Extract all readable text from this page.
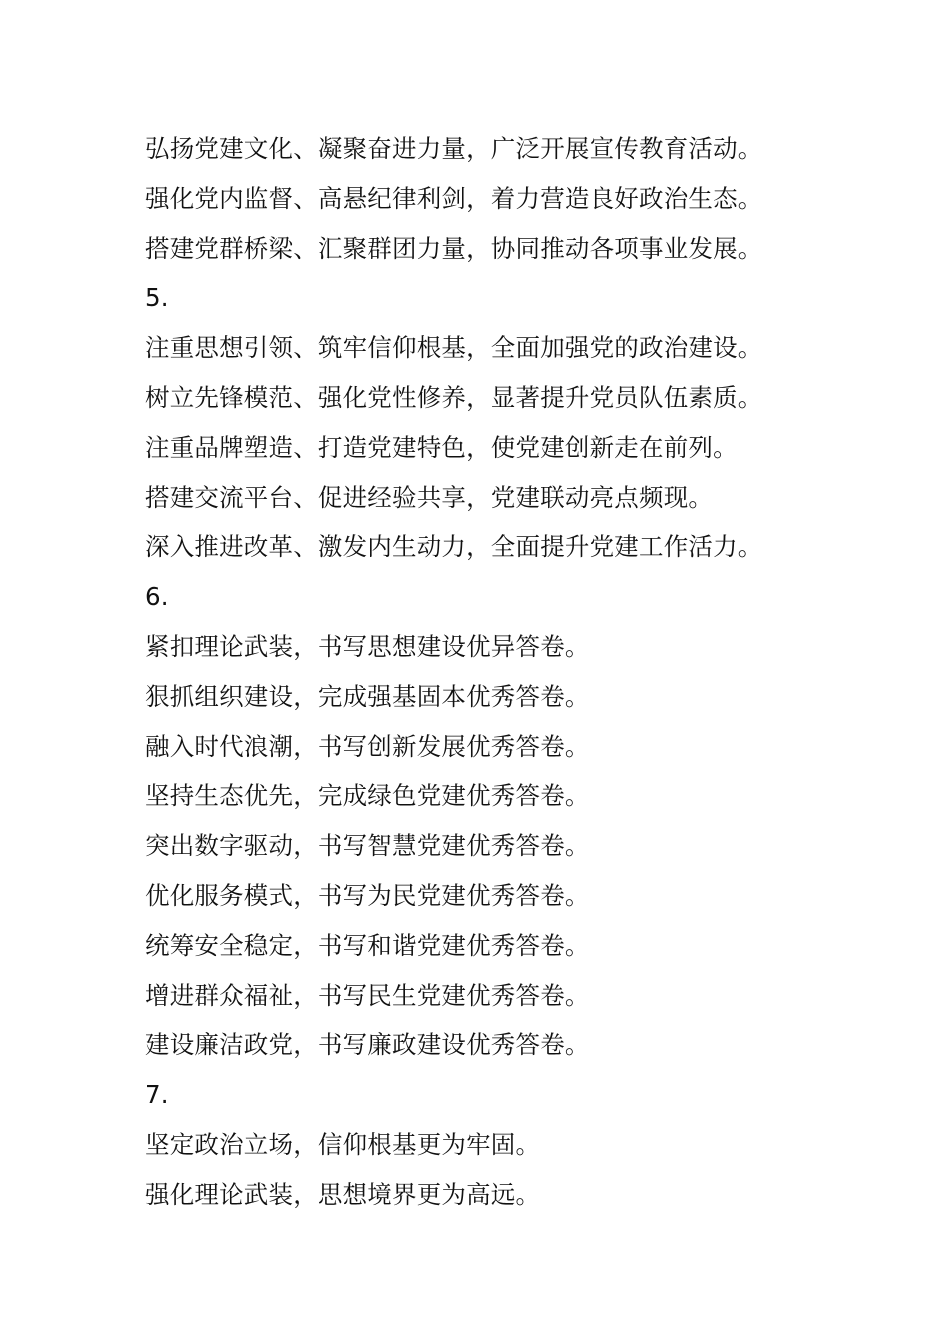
弘扬党建文化、凝聚奋进力量，广泛开展宣传教育活动。
强化党内监督、高悬纪律利剑，着力营造良好政治生态。
搭建党群桥梁、汇聚群团力量，协同推动各项事业发展。
5.
注重思想引领、筑牢信仰根基，全面加强党的政治建设。
树立先锋模范、强化党性修养，显著提升党员队伍素质。
注重品牌塑造、打造党建特色，使党建创新走在前列。
搭建交流平台、促进经验共享，党建联动亮点频现。
深入推进改革、激发内生动力，全面提升党建工作活力。
6.
紧扣理论武装，书写思想建设优异答卷。
狠抓组织建设，完成强基固本优秀答卷。
融入时代浪潮，书写创新发展优秀答卷。
坚持生态优先，完成绿色党建优秀答卷。
突出数字驱动，书写智慧党建优秀答卷。
优化服务模式，书写为民党建优秀答卷。
统筹安全稳定，书写和谐党建优秀答卷。
增进群众福祉，书写民生党建优秀答卷。
建设廉洁政党，书写廉政建设优秀答卷。
7.
坚定政治立场，信仰根基更为牢固。
强化理论武装，思想境界更为高远。
